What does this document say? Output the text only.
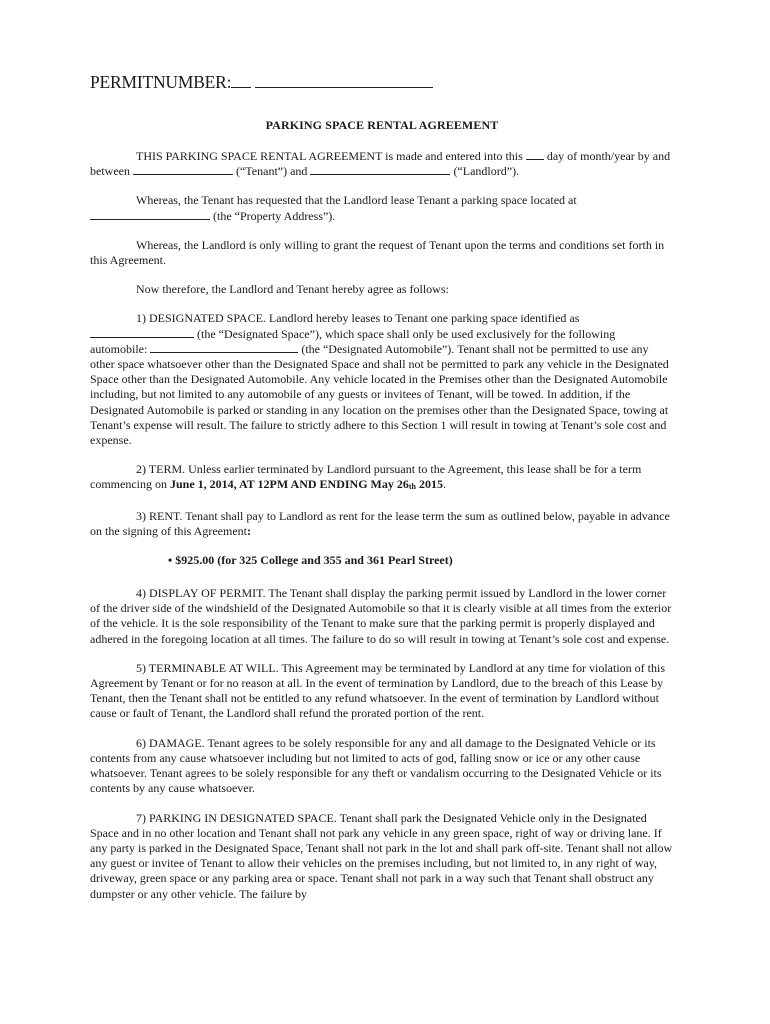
PERMITNUMBER:
PARKING SPACE RENTAL AGREEMENT

THIS PARKING SPACE RENTAL AGREEMENT is made and entered into this day of month/year by and between	(“Tenant”) and	(“Landlord”).

Whereas, the Tenant has requested that the Landlord lease Tenant a parking space located at  (the “Property Address”).

Whereas, the Landlord is only willing to grant the request of Tenant upon the terms and conditions set forth in this Agreement.

Now therefore, the Landlord and Tenant hereby agree as follows:

1) DESIGNATED SPACE. Landlord hereby leases to Tenant one parking space identified as  (the “Designated Space”), which space shall only be used exclusively for the following automobile:	(the “Designated Automobile”). Tenant shall not be permitted to use any other space whatsoever other than the Designated Space and shall not be permitted to park any vehicle in the Designated Space other than the Designated Automobile. Any vehicle located in the Premises other than the Designated Automobile including, but not limited to any automobile of any guests or invitees of Tenant, will be towed. In addition, if the Designated Automobile is parked or standing in any location on the premises other than the Designated Space, towing at Tenant’s expense will result. The failure to strictly adhere to this Section 1 will result in towing at Tenant’s sole cost and expense.

2) TERM. Unless earlier terminated by Landlord pursuant to the Agreement, this lease shall be for a term commencing on June 1, 2014, AT 12PM AND ENDING May $26_{th}$ 2015.

3) RENT. Tenant shall pay to Landlord as rent for the lease term the sum as outlined below, payable in advance on the signing of this Agreement:

• $925.00 (for 325 College and 355 and 361 Pearl Street)

4) DISPLAY OF PERMIT. The Tenant shall display the parking permit issued by Landlord in the lower corner of the driver side of the windshield of the Designated Automobile so that it is clearly visible at all times from the exterior of the vehicle. It is the sole responsibility of the Tenant to make sure that the parking permit is properly displayed and adhered in the foregoing location at all times. The failure to do so will result in towing at Tenant’s sole cost and expense.

5) TERMINABLE AT WILL. This Agreement may be terminated by Landlord at any time for violation of this Agreement by Tenant or for no reason at all. In the event of termination by Landlord, due to the breach of this Lease by Tenant, then the Tenant shall not be entitled to any refund whatsoever. In the event of termination by Landlord without cause or fault of Tenant, the Landlord shall refund the prorated portion of the rent.

6) DAMAGE. Tenant agrees to be solely responsible for any and all damage to the Designated Vehicle or its contents from any cause whatsoever including but not limited to acts of god, falling snow or ice or any other cause whatsoever. Tenant agrees to be solely responsible for any theft or vandalism occurring to the Designated Vehicle or its contents by any cause whatsoever.

7) PARKING IN DESIGNATED SPACE. Tenant shall park the Designated Vehicle only in the Designated Space and in no other location and Tenant shall not park any vehicle in any green space, right of way or driving lane. If any party is parked in the Designated Space, Tenant shall not park in the lot and shall park off-site. Tenant shall not allow any guest or invitee of Tenant to allow their vehicles on the premises including, but not limited to, in any right of way, driveway, green space or any parking area or space. Tenant shall not park in a way such that Tenant shall obstruct any dumpster or any other vehicle. The failure by
